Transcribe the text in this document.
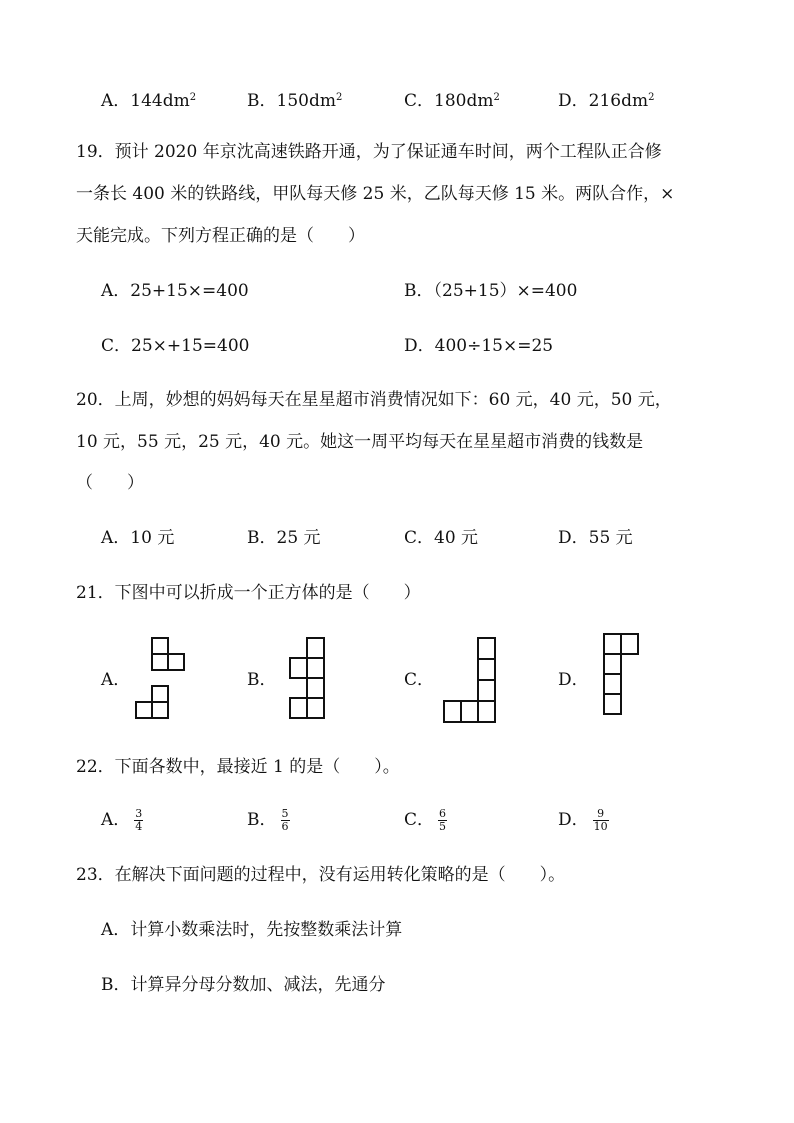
A．$144dm^2$	B．$150dm^2$	C．$180dm^2$	D．$216dm^2$
19．预计 2020 年京沈高速铁路开通，为了保证通车时间，两个工程队正合修
一条长 400 米的铁路线，甲队每天修 25 米，乙队每天修 15 米。两队合作，×
天能完成。下列方程正确的是（　　）
A．25+15×=400	B．（25+15）×=400
C．25×+15=400	D．400÷15×=25
20．上周，妙想的妈妈每天在星星超市消费情况如下：60 元，40 元，50 元，
10 元，55 元，25 元，40 元。她这一周平均每天在星星超市消费的钱数是
（　　）
A．10 元	B．25 元	C．40 元	D．55 元
21．下图中可以折成一个正方体的是（　　）
A．	B．	C．	D．
22．下面各数中，最接近 1 的是（　　）。
A． $\frac{3}{4}$	B． $\frac{5}{6}$	C． $\frac{6}{5}$	D． $\frac{9}{10}$
23．在解决下面问题的过程中，没有运用转化策略的是（　　）。
A．计算小数乘法时，先按整数乘法计算
B．计算异分母分数加、减法，先通分
